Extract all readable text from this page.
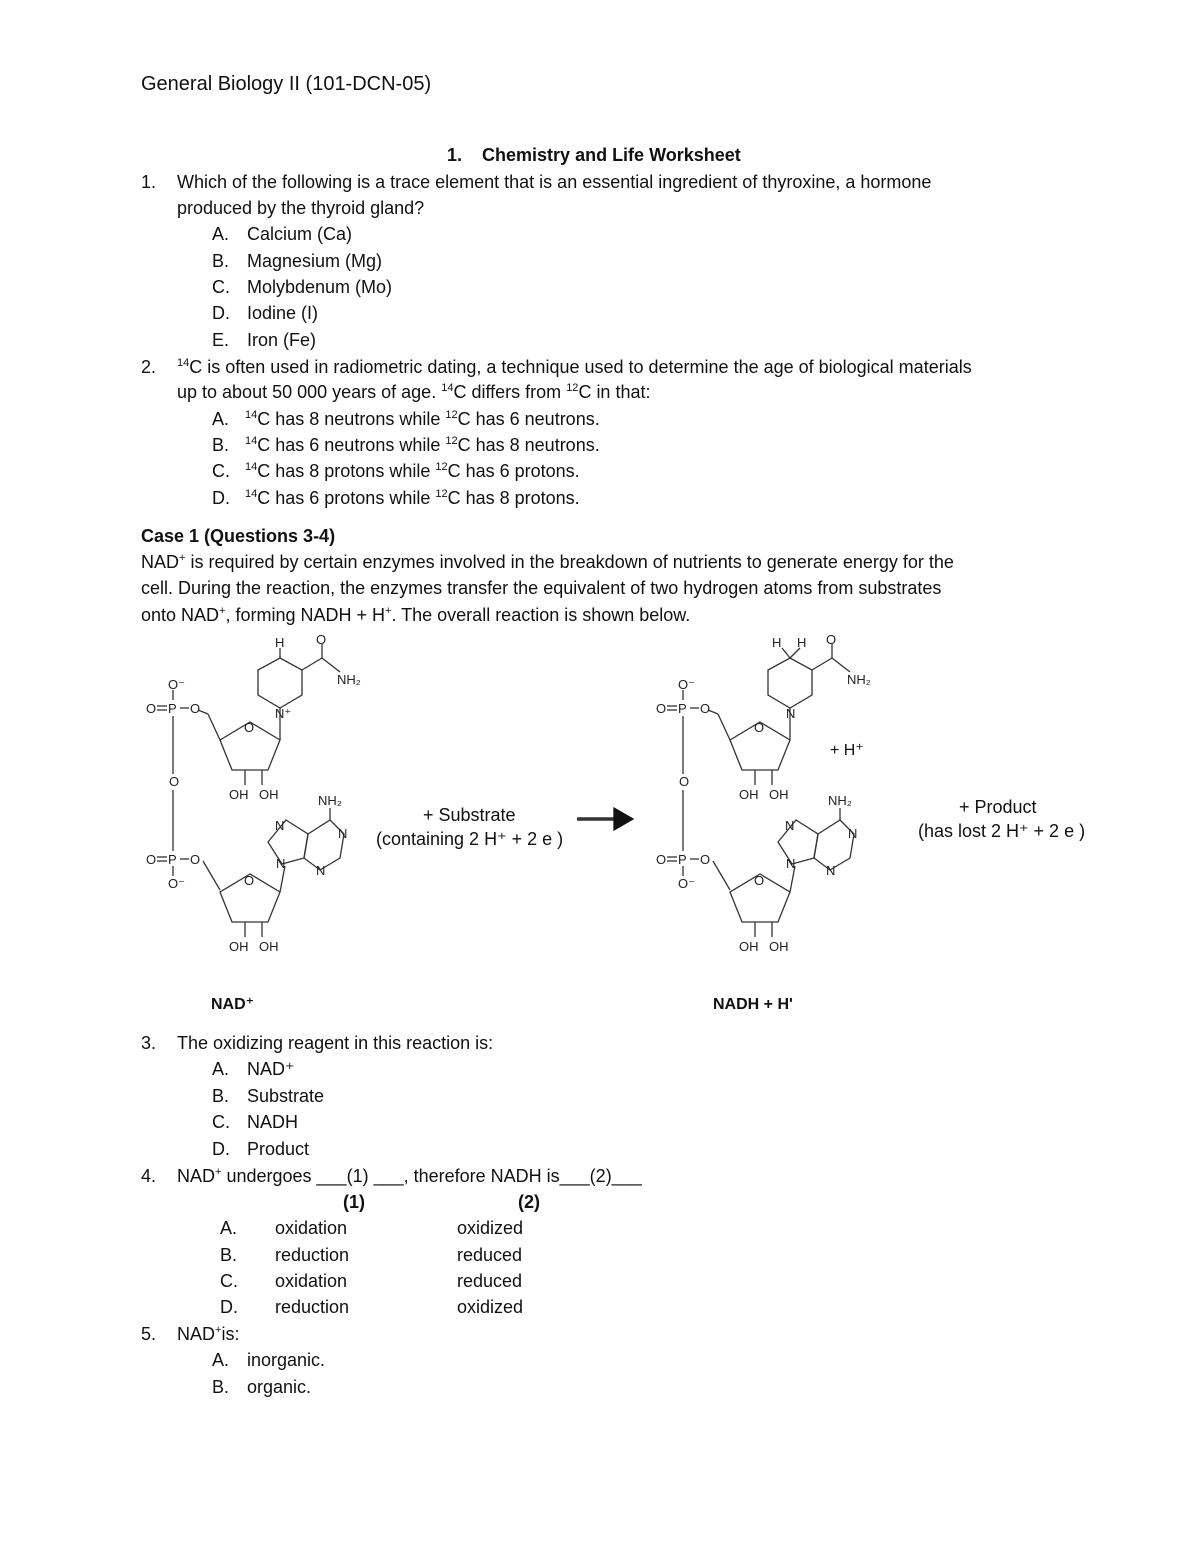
General Biology II (101-DCN-05)
1. Chemistry and Life Worksheet
1. Which of the following is a trace element that is an essential ingredient of thyroxine, a hormone
produced by the thyroid gland?
A. Calcium (Ca)
B. Magnesium (Mg)
C. Molybdenum (Mo)
D. Iodine (I)
E. Iron (Fe)
2. $^{14}$C is often used in radiometric dating, a technique used to determine the age of biological materials
up to about 50 000 years of age. $^{14}$C differs from $^{12}$C in that:
A. $^{14}$C has 8 neutrons while $^{12}$C has 6 neutrons.
B. $^{14}$C has 6 neutrons while $^{12}$C has 8 neutrons.
C. $^{14}$C has 8 protons while $^{12}$C has 6 protons.
D. $^{14}$C has 6 protons while $^{12}$C has 8 protons.
Case 1 (Questions 3-4)
NAD+ is required by certain enzymes involved in the breakdown of nutrients to generate energy for the
cell. During the reaction, the enzymes transfer the equivalent of two hydrogen atoms from substrates
onto NAD+, forming NADH + H+. The overall reaction is shown below.
H O
NH₂
N⁺
O
OH OH
O P O
O⁻
O
O P O
O⁻	O
OH OH
NH₂
N
N
N
N
H H O
NH₂
N
O
OH OH
O P O
O⁻
O
O P O
O⁻	O
OH OH
NH₂
N
N
N
N
+ Substrate
(containing 2 H⁺ + 2 e )
+ Product
(has lost 2 H⁺ + 2 e )
+ H⁺
NAD⁺	NADH + H'
3. The oxidizing reagent in this reaction is:
A. NAD⁺
B. Substrate
C. NADH
D. Product
4. NAD+ undergoes ___(1) ___, therefore NADH is___(2)___
(1)	(2)
A. oxidation	oxidized
B. reduction	reduced
C. oxidation	reduced
D. reduction	oxidized
5. NAD+is:
A. inorganic.
B. organic.
